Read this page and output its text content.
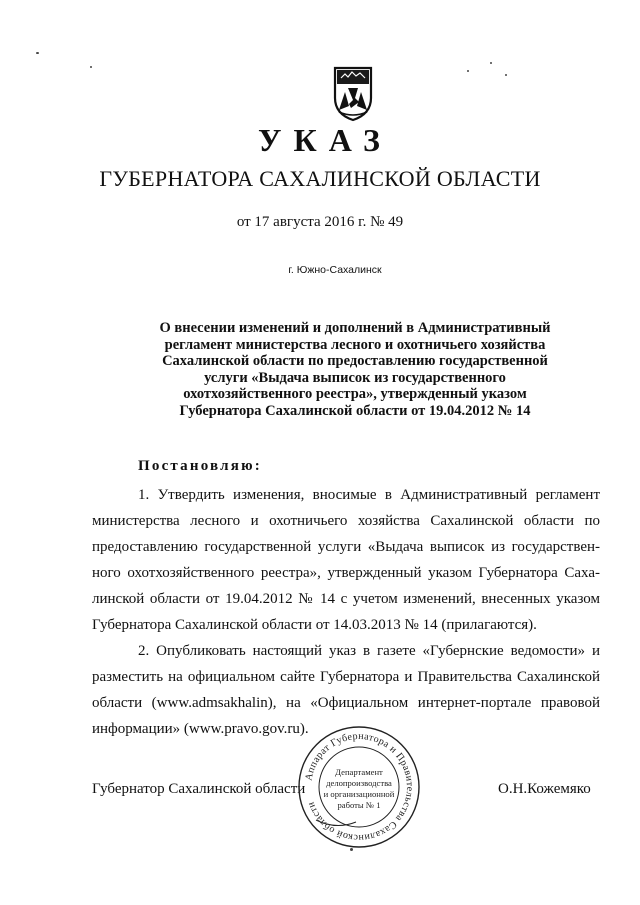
УКАЗ
ГУБЕРНАТОРА САХАЛИНСКОЙ ОБЛАСТИ
от 17 августа 2016 г. № 49
г. Южно-Сахалинск
О внесении изменений и дополнений в Административный
регламент министерства лесного и охотничьего хозяйства
Сахалинской области по предоставлению государственной
услуги «Выдача выписок из государственного
охотхозяйственного реестра», утвержденный указом
Губернатора Сахалинской области от 19.04.2012 № 14
Постановляю:
1. Утвердить изменения, вносимые в Административный регламент
министерства лесного и охотничьего хозяйства Сахалинской области по
предоставлению государственной услуги «Выдача выписок из государствен-
ного охотхозяйственного реестра», утвержденный указом Губернатора Саха-
линской области от 19.04.2012 № 14 с учетом изменений, внесенных указом
Губернатора Сахалинской области от 14.03.2013 № 14 (прилагаются).
2. Опубликовать настоящий указ в газете «Губернские ведомости» и
разместить на официальном сайте Губернатора и Правительства Сахалинской
области (www.admsakhalin), на «Официальном интернет-портале правовой
информации» (www.pravo.gov.ru).
Губернатор Сахалинской области	О.Н.Кожемяко
Аппарат Губернатора и Правительства Сахалинской области
Департамент
делопроизводства
и организационной
работы № 1
